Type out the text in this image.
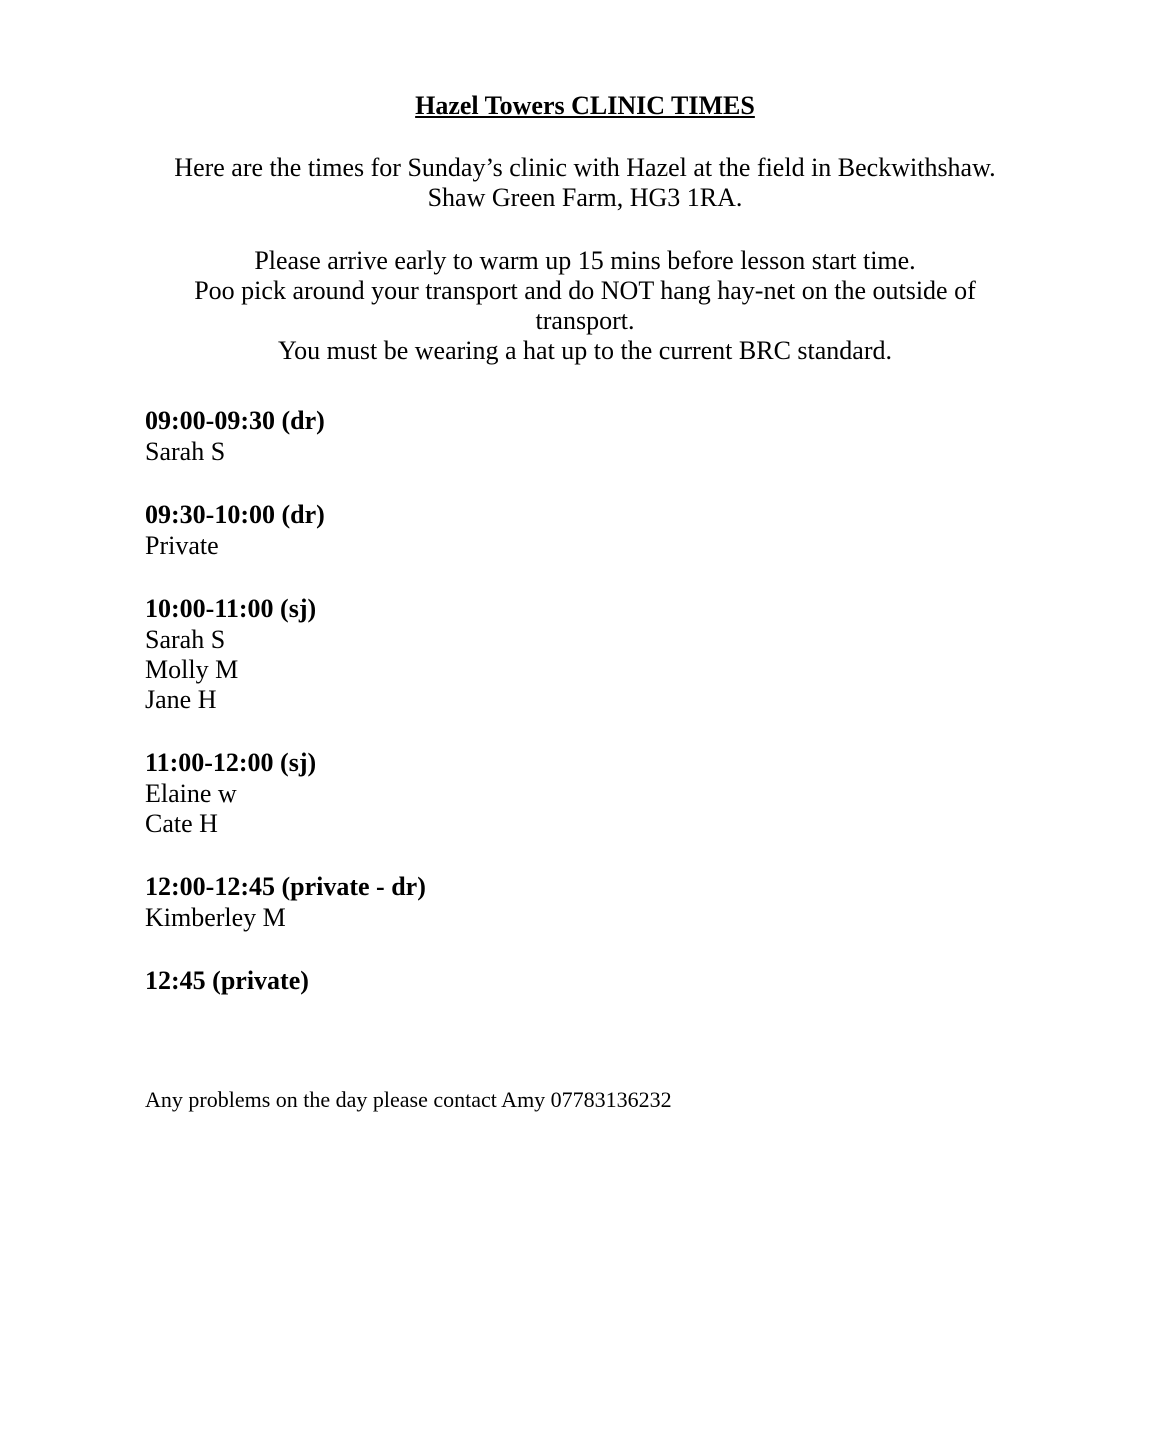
Hazel Towers CLINIC TIMES
Here are the times for Sunday’s clinic with Hazel at the field in Beckwithshaw.
Shaw Green Farm, HG3 1RA.
Please arrive early to warm up 15 mins before lesson start time.
Poo pick around your transport and do NOT hang hay-net on the outside of transport.
You must be wearing a hat up to the current BRC standard.
09:00-09:30 (dr)
Sarah S
09:30-10:00 (dr)
Private
10:00-11:00 (sj)
Sarah S
Molly M
Jane H
11:00-12:00 (sj)
Elaine w
Cate H
12:00-12:45 (private - dr)
Kimberley M
12:45 (private)
Any problems on the day please contact Amy 07783136232
